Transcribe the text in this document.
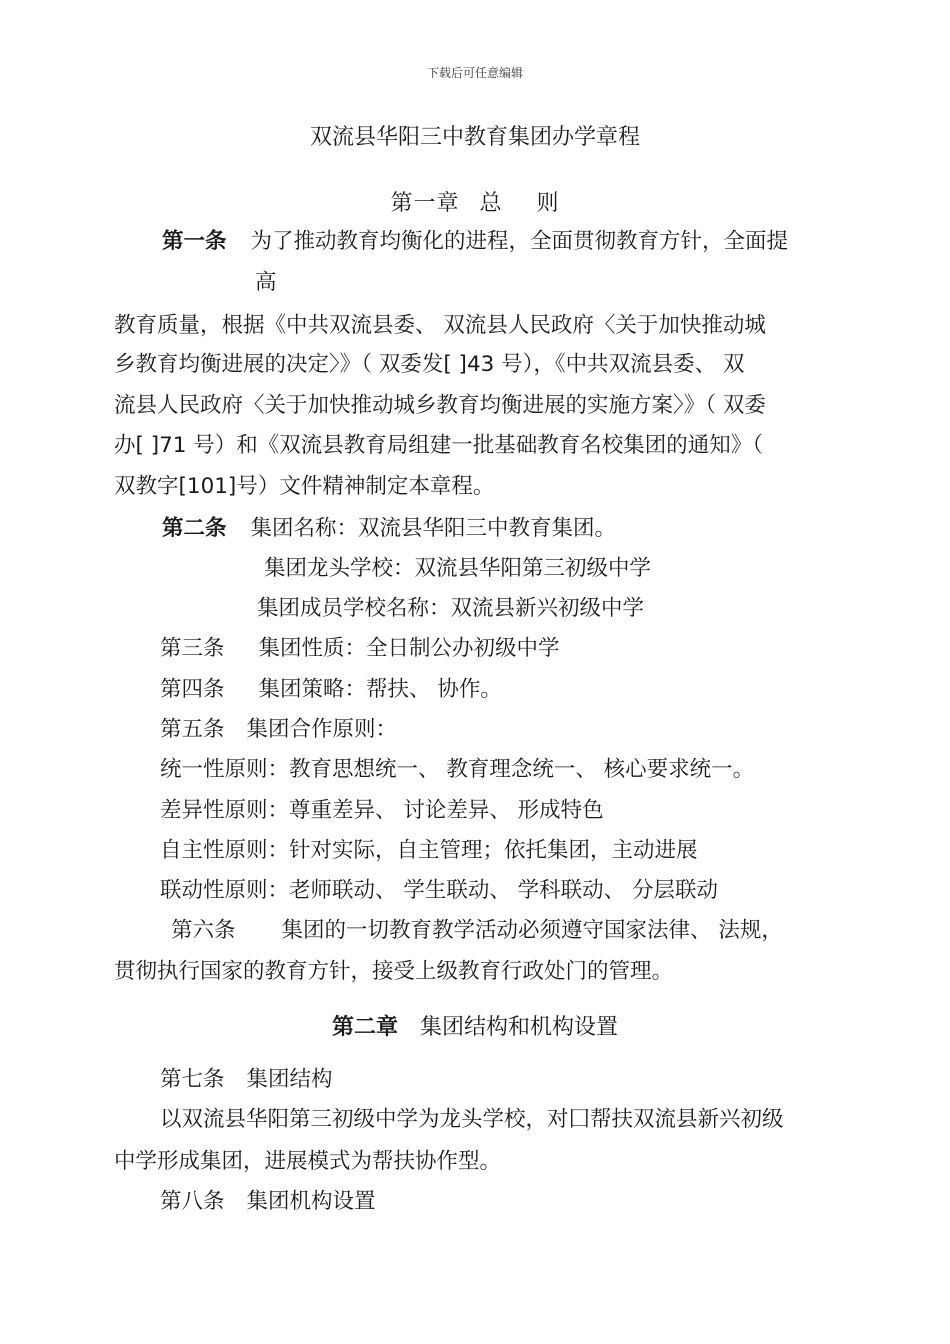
下载后可任意编辑
双流县华阳三中教育集团办学章程
第一章 总 则
第一条 为了推动教育均衡化的进程，全面贯彻教育方针，全面提
高
教育质量，根据《中共双流县委、 双流县人民政府〈关于加快推动城
乡教育均衡进展的决定〉》（ 双委发[ ]43 号），《中共双流县委、 双
流县人民政府〈关于加快推动城乡教育均衡进展的实施方案〉》（ 双委
办[ ]71 号）和《双流县教育局组建一批基础教育名校集团的通知》（
双教字[101]号）文件精神制定本章程。
第二条 集团名称：双流县华阳三中教育集团。
集团龙头学校：双流县华阳第三初级中学
集团成员学校名称：双流县新兴初级中学
第三条 集团性质：全日制公办初级中学
第四条 集团策略：帮扶、 协作。
第五条 集团合作原则：
统一性原则：教育思想统一、 教育理念统一、 核心要求统一。
差异性原则：尊重差异、 讨论差异、 形成特色
自主性原则：针对实际，自主管理；依托集团，主动进展
联动性原则：老师联动、 学生联动、 学科联动、 分层联动
第六条 集团的一切教育教学活动必须遵守国家法律、 法规，
贯彻执行国家的教育方针，接受上级教育行政处门的管理。
第二章 集团结构和机构设置
第七条 集团结构
以双流县华阳第三初级中学为龙头学校，对囗帮扶双流县新兴初级
中学形成集团，进展模式为帮扶协作型。
第八条 集团机构设置
